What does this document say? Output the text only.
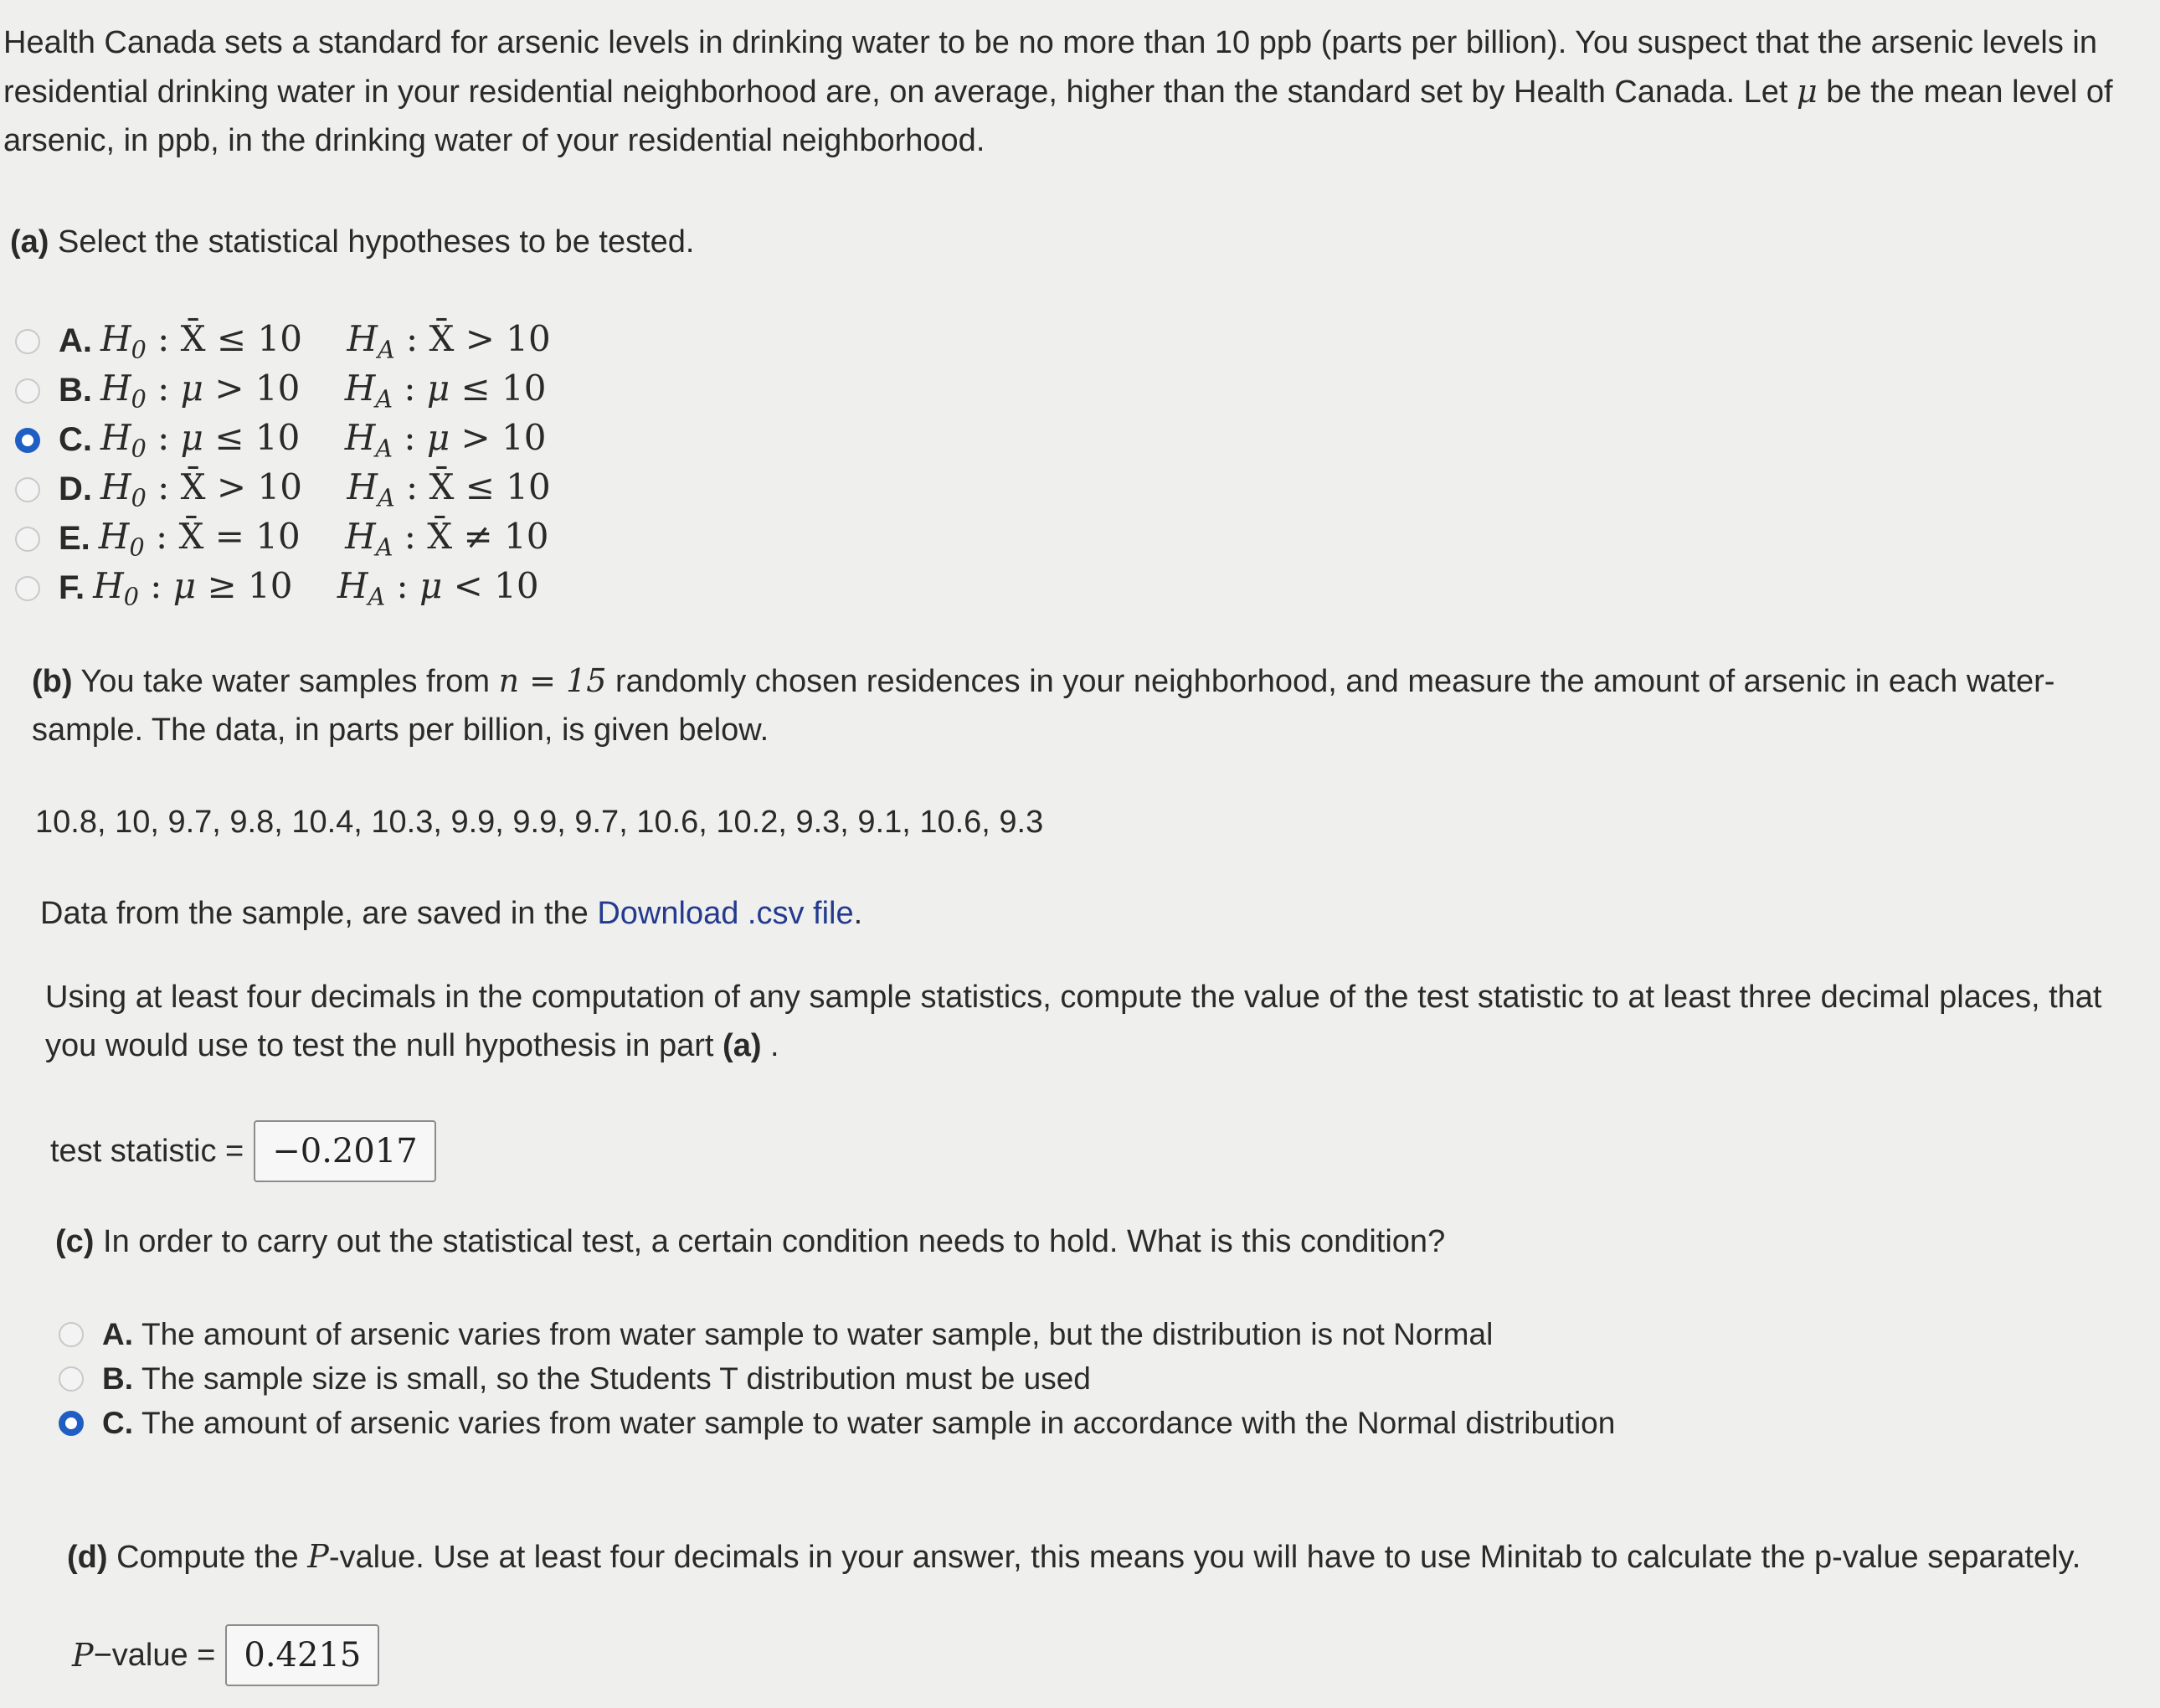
Health Canada sets a standard for arsenic levels in drinking water to be no more than 10 ppb (parts per billion). You suspect that the arsenic levels in residential drinking water in your residential neighborhood are, on average, higher than the standard set by Health Canada. Let μ be the mean level of arsenic, in ppb, in the drinking water of your residential neighborhood.

(a) Select the statistical hypotheses to be tested.

A. $H_0$ : X̄ ≤ 10 $H_A$ : X̄ > 10
B. $H_0$ : μ > 10 $H_A$ : μ ≤ 10
C. $H_0$ : μ ≤ 10 $H_A$ : μ > 10
D. $H_0$ : X̄ > 10 $H_A$ : X̄ ≤ 10
E. $H_0$ : X̄ = 10 $H_A$ : X̄ ≠ 10
F. $H_0$ : μ ≥ 10 $H_A$ : μ < 10

(b) You take water samples from n = 15 randomly chosen residences in your neighborhood, and measure the amount of arsenic in each water-sample. The data, in parts per billion, is given below.

10.8, 10, 9.7, 9.8, 10.4, 10.3, 9.9, 9.9, 9.7, 10.6, 10.2, 9.3, 9.1, 10.6, 9.3

Data from the sample, are saved in the Download .csv file.

Using at least four decimals in the computation of any sample statistics, compute the value of the test statistic to at least three decimal places, that you would use to test the null hypothesis in part (a) .

test statistic = −0.2017

(c) In order to carry out the statistical test, a certain condition needs to hold. What is this condition?

A. The amount of arsenic varies from water sample to water sample, but the distribution is not Normal
B. The sample size is small, so the Students T distribution must be used
C. The amount of arsenic varies from water sample to water sample in accordance with the Normal distribution

(d) Compute the P-value. Use at least four decimals in your answer, this means you will have to use Minitab to calculate the p-value separately.

P −value = 0.4215
